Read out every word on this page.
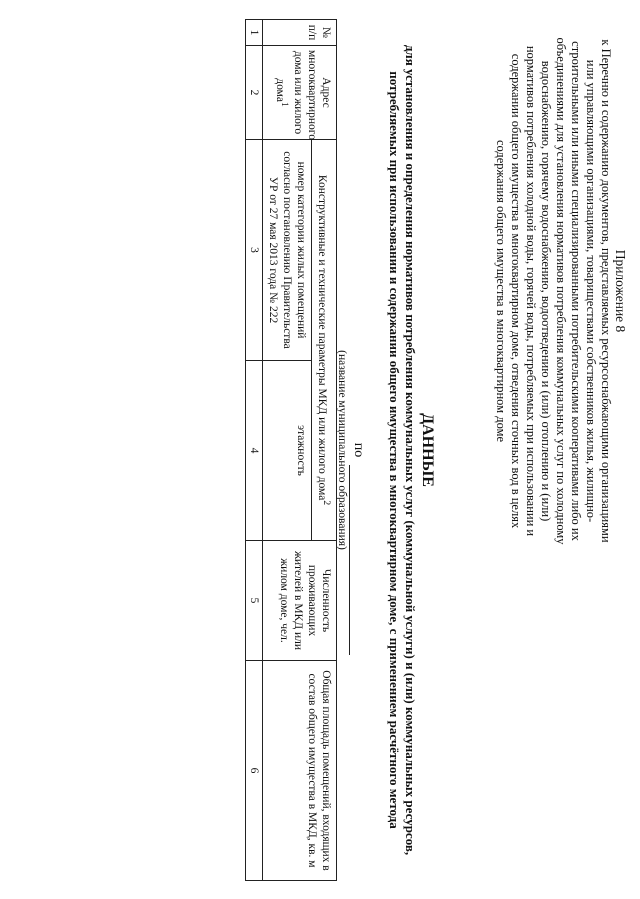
Приложение 8
к Перечню и содержанию документов, представляемых ресурсоснабжающими организациями или управляющими организациями, товариществами собственников жилья, жилищно-строительными или иными специализированными потребительскими кооперативами либо их объединениями для установления нормативов потребления коммунальных услуг по холодному водоснабжению, горячему водоснабжению, водоотведению и (или) отоплению и (или) нормативов потребления холодной воды, горячей воды, потребляемых при использовании и содержании общего имущества в многоквартирном доме, отведения сточных вод в целях содержания общего имущества в многоквартирном доме
ДАННЫЕ
для установления и определения нормативов потребления коммунальных услуг (коммунальной услуги) и (или) коммунальных ресурсов, потребляемых при использовании и содержании общего имущества в многоквартирном доме, с применением расчётного метода
по
(название муниципального образования)
№ п/п	Адрес многоквартирного дома или жилого дома$^1$	Конструктивные и технические параметры МКД или жилого дома$^2$		Численность проживающих жителей в МКД или жилом доме, чел.	Общая площадь помещений, входящих в состав общего имущества в МКД, кв. м
		номер категории жилых помещений согласно постановлению Правительства УР от 27 мая 2013 года № 222	этажность		
1	2	3	4	5	6
